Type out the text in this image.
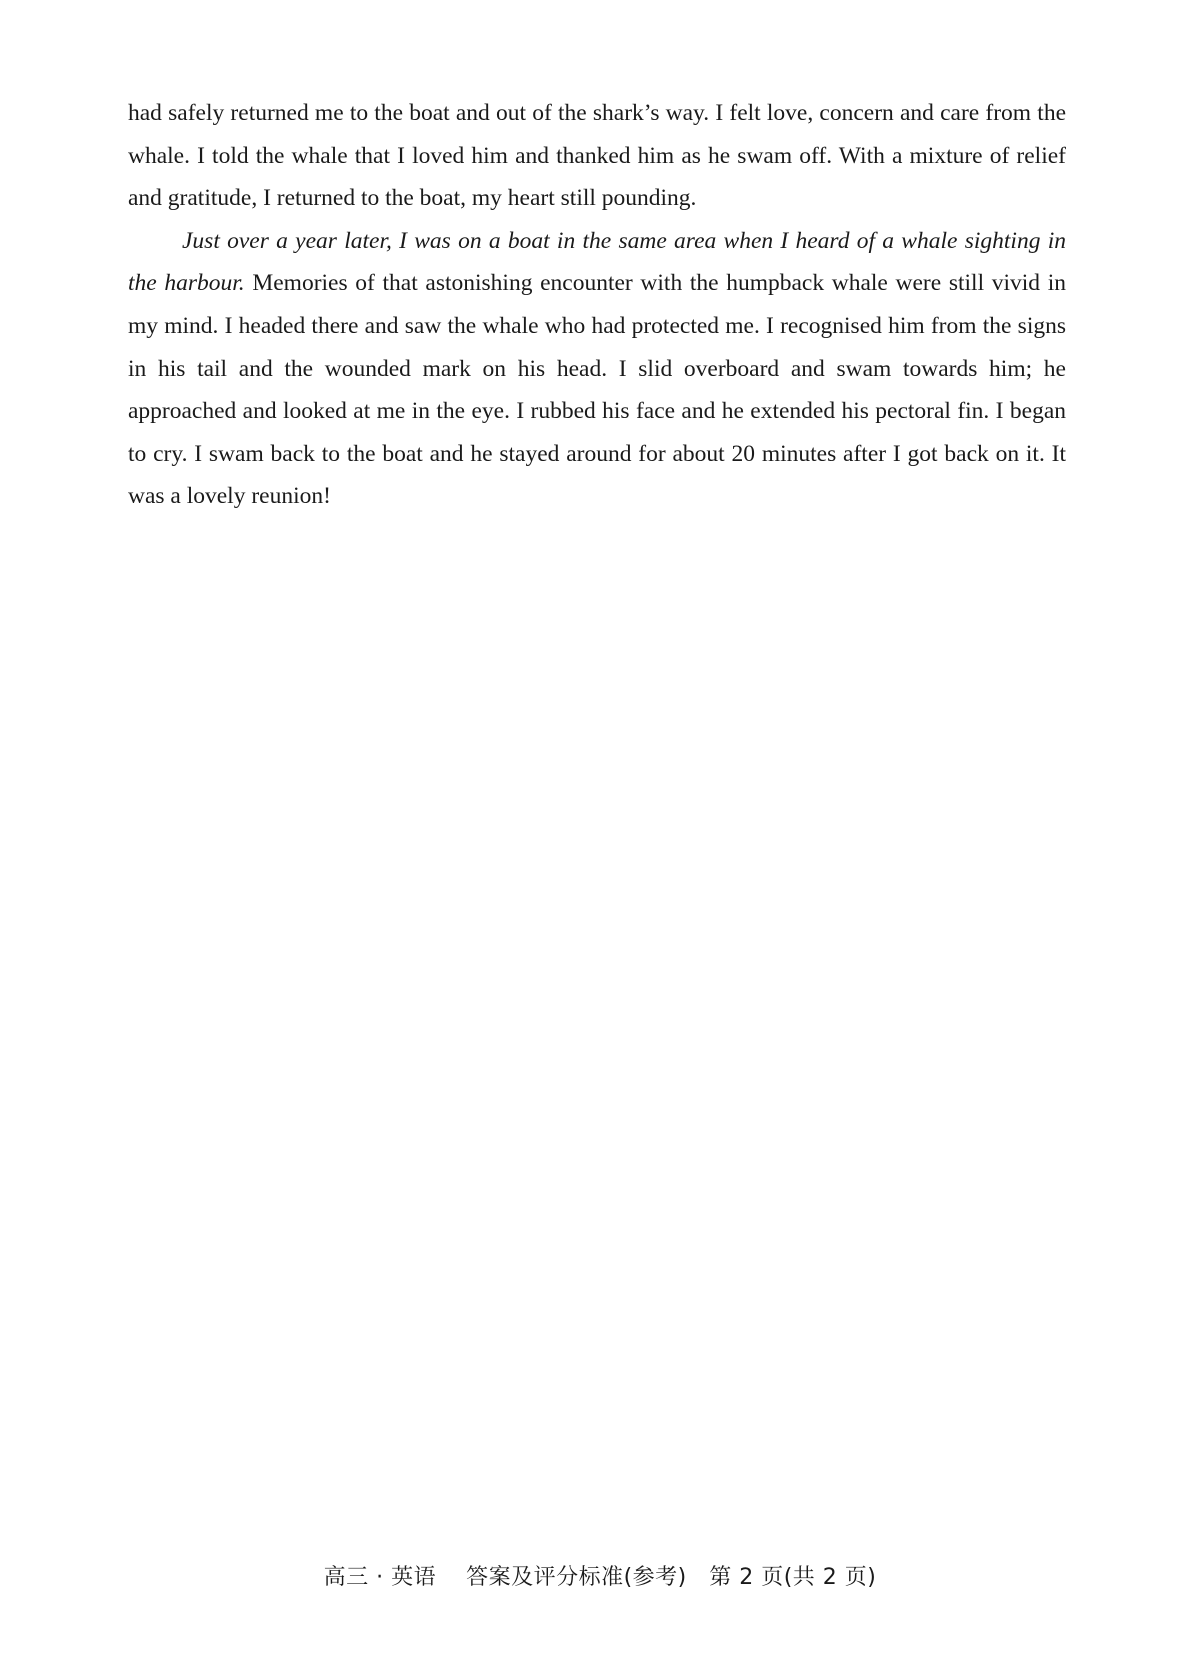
had safely returned me to the boat and out of the shark’s way. I felt love, concern and care from the whale. I told the whale that I loved him and thanked him as he swam off. With a mixture of relief and gratitude, I returned to the boat, my heart still pounding.

Just over a year later, I was on a boat in the same area when I heard of a whale sighting in the harbour. Memories of that astonishing encounter with the humpback whale were still vivid in my mind. I headed there and saw the whale who had protected me. I recognised him from the signs in his tail and the wounded mark on his head. I slid overboard and swam towards him; he approached and looked at me in the eye. I rubbed his face and he extended his pectoral fin. I began to cry. I swam back to the boat and he stayed around for about 20 minutes after I got back on it. It was a lovely reunion!

高三 · 英语 答案及评分标准(参考) 第 2 页(共 2 页)
